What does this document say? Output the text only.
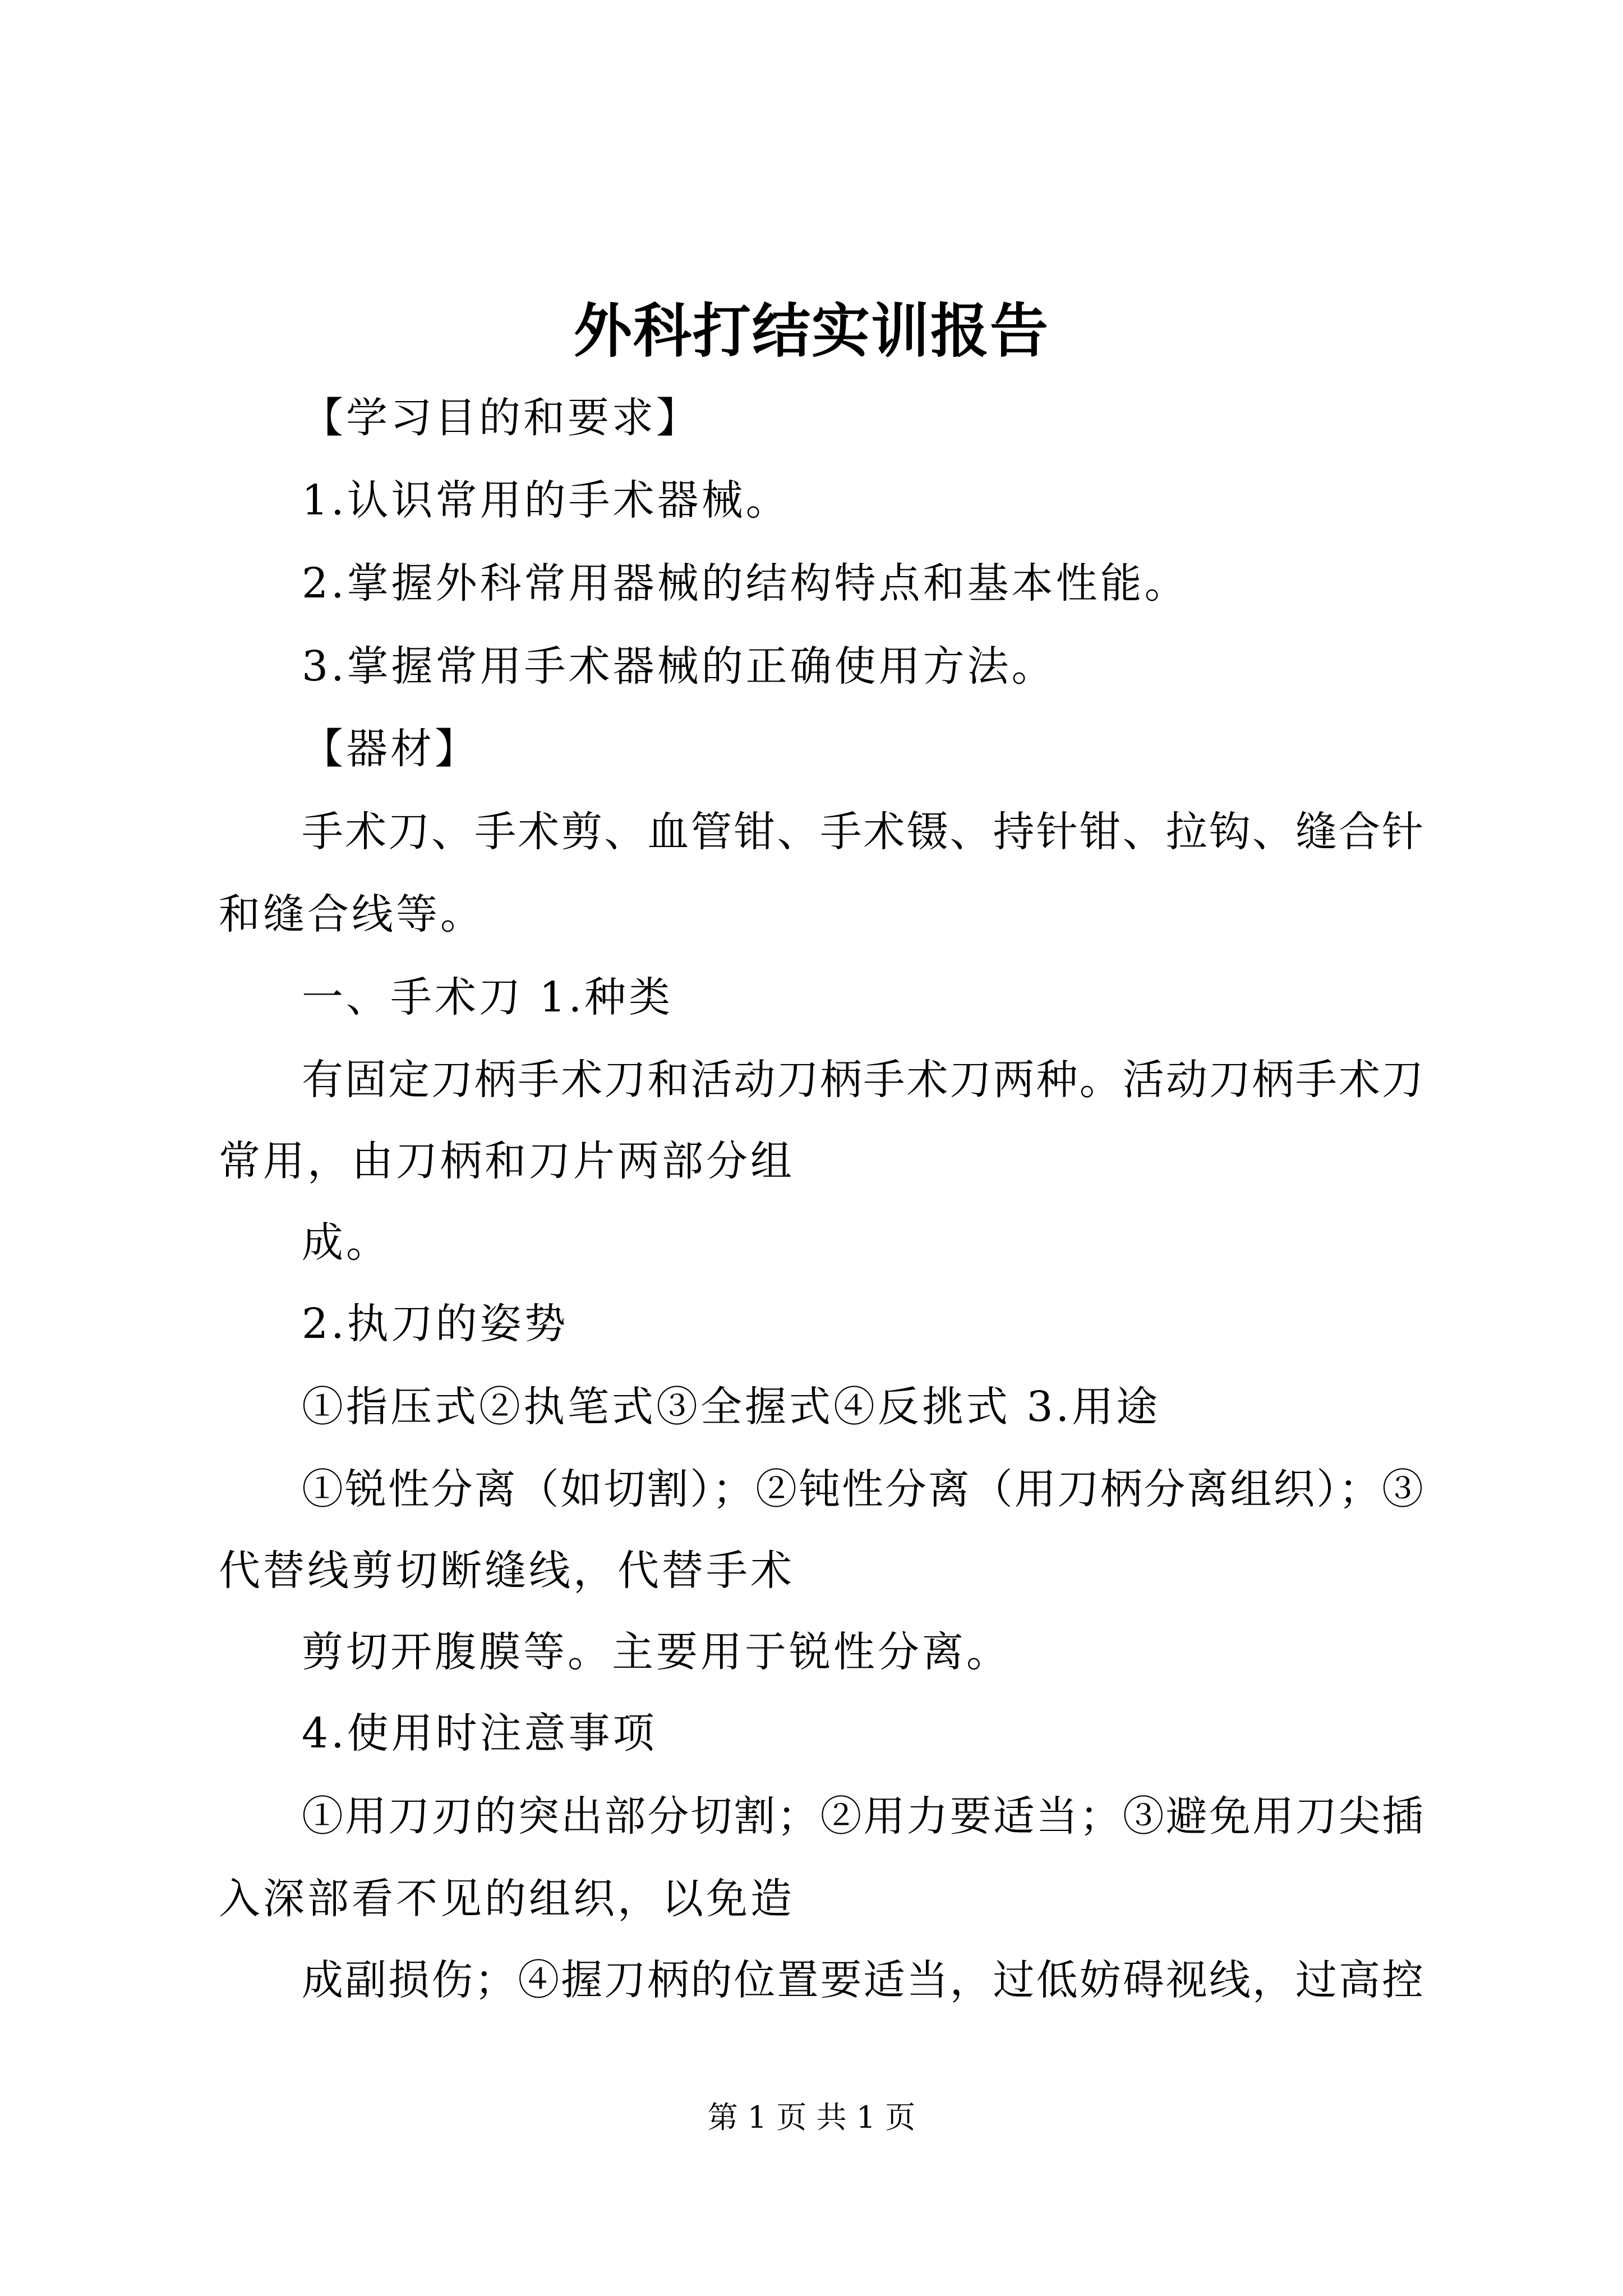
外科打结实训报告
【学习目的和要求】
1.认识常用的手术器械。
2.掌握外科常用器械的结构特点和基本性能。
3.掌握常用手术器械的正确使用方法。
【器材】
手术刀、手术剪、血管钳、手术镊、持针钳、拉钩、缝合针
和缝合线等。
一、手术刀 1.种类
有固定刀柄手术刀和活动刀柄手术刀两种。活动刀柄手术刀
常用，由刀柄和刀片两部分组
成。
2.执刀的姿势
①指压式②执笔式③全握式④反挑式 3.用途
①锐性分离（如切割）；②钝性分离（用刀柄分离组织）；③
代替线剪切断缝线，代替手术
剪切开腹膜等。主要用于锐性分离。
4.使用时注意事项
①用刀刃的突出部分切割；②用力要适当；③避免用刀尖插
入深部看不见的组织，以免造
成副损伤；④握刀柄的位置要适当，过低妨碍视线，过高控
第 1 页 共 1 页
